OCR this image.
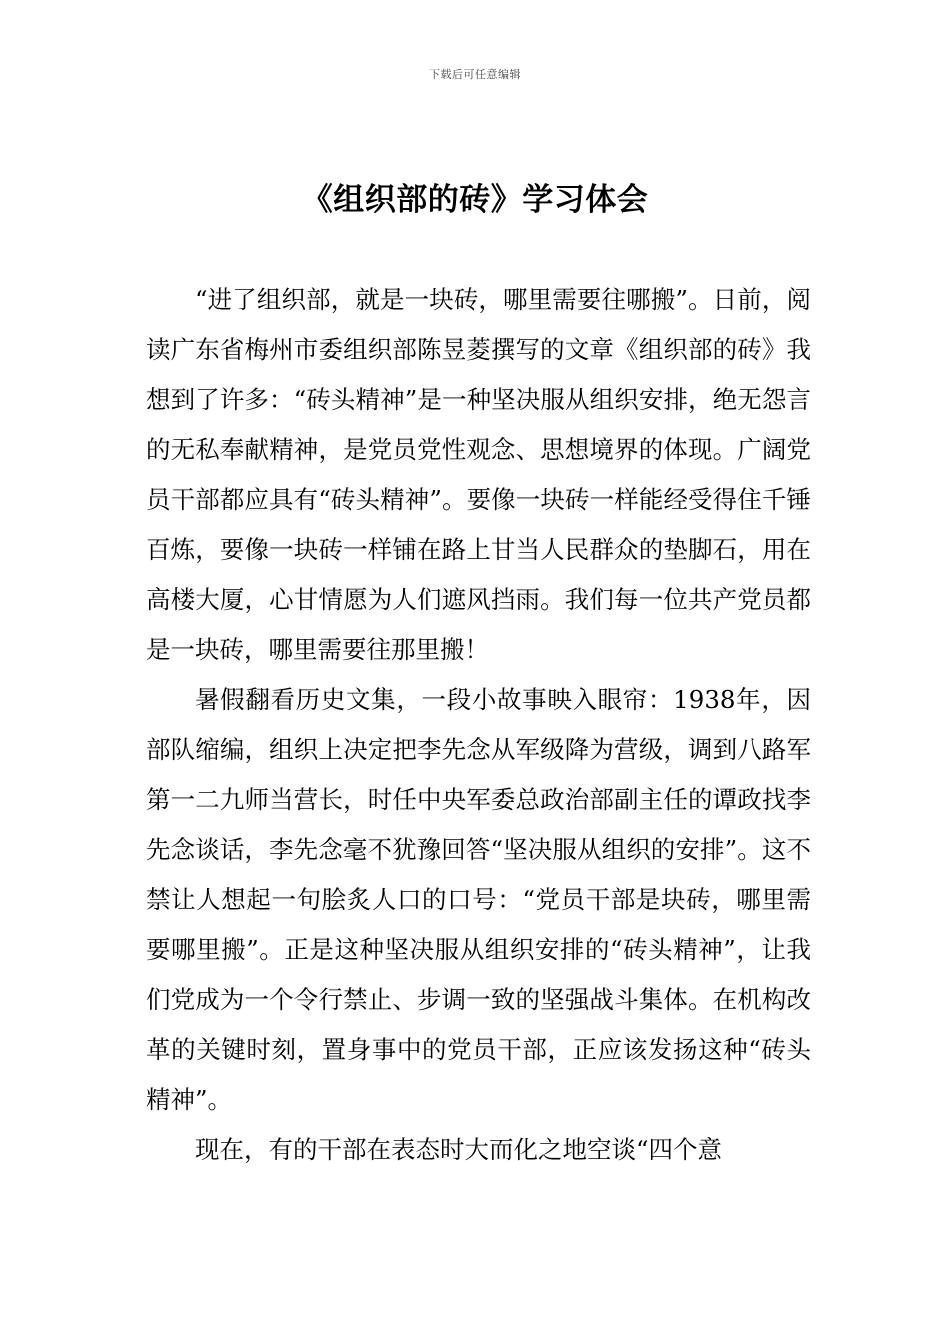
下载后可任意编辑
《组织部的砖》学习体会

“进了组织部，就是一块砖，哪里需要往哪搬”。日前，阅读广东省梅州市委组织部陈昱菱撰写的文章《组织部的砖》我想到了许多：“砖头精神”是一种坚决服从组织安排，绝无怨言的无私奉献精神，是党员党性观念、思想境界的体现。广阔党员干部都应具有“砖头精神”。要像一块砖一样能经受得住千锤百炼，要像一块砖一样铺在路上甘当人民群众的垫脚石，用在高楼大厦，心甘情愿为人们遮风挡雨。我们每一位共产党员都是一块砖，哪里需要往那里搬！

暑假翻看历史文集，一段小故事映入眼帘：1938年，因部队缩编，组织上决定把李先念从军级降为营级，调到八路军第一二九师当营长，时任中央军委总政治部副主任的谭政找李先念谈话，李先念毫不犹豫回答“坚决服从组织的安排”。这不禁让人想起一句脍炙人口的口号：“党员干部是块砖，哪里需要哪里搬”。正是这种坚决服从组织安排的“砖头精神”，让我们党成为一个令行禁止、步调一致的坚强战斗集体。在机构改革的关键时刻，置身事中的党员干部，正应该发扬这种“砖头精神”。

现在，有的干部在表态时大而化之地空谈“四个意
